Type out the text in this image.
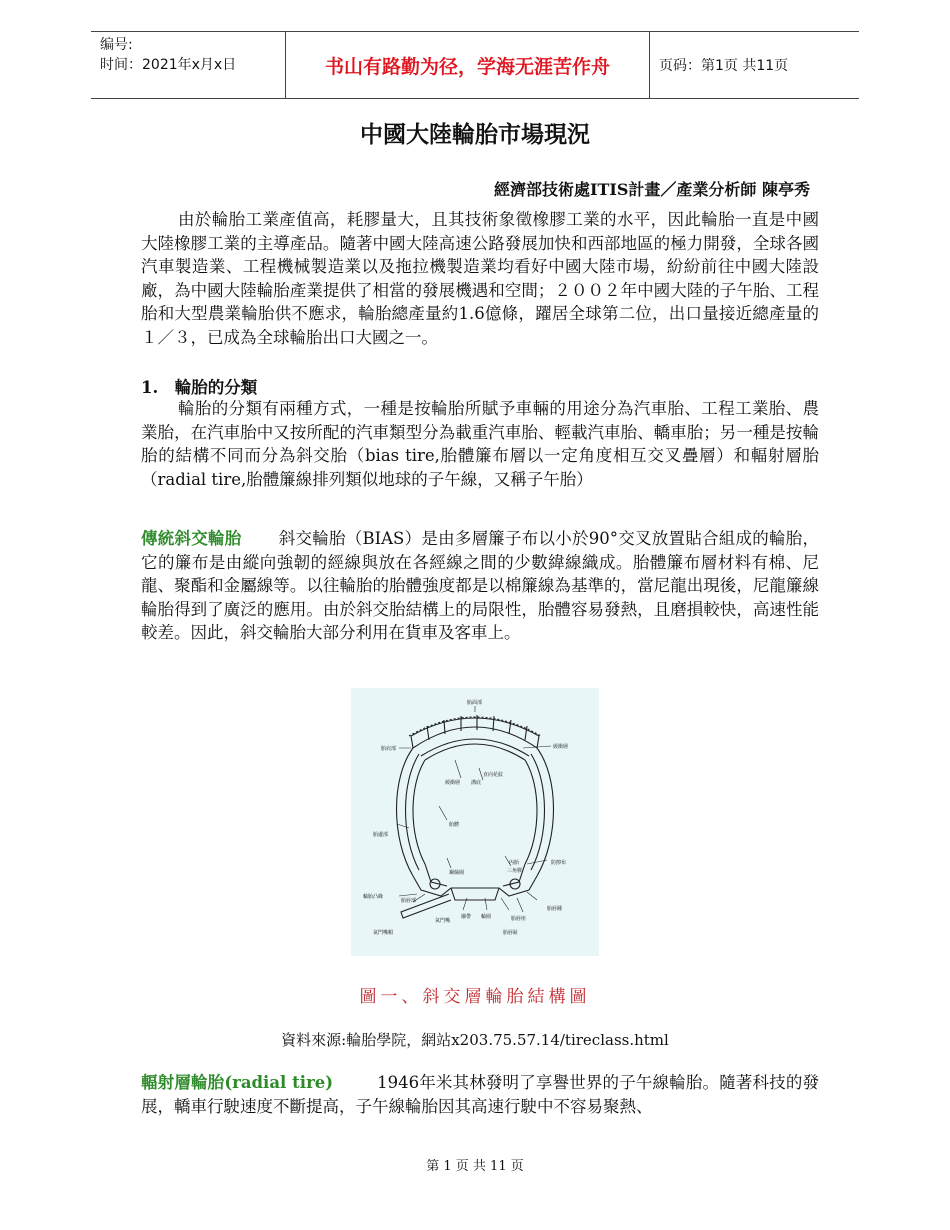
编号:
时间：2021年x月x日	书山有路勤为径，学海无涯苦作舟	页码：第1页 共11页
中國大陸輪胎市場現況
經濟部技術處ITIS計畫／產業分析師 陳亭秀
由於輪胎工業產值高，耗膠量大，且其技術象徵橡膠工業的水平，因此輪胎一直是中國大陸橡膠工業的主導產品。隨著中國大陸高速公路發展加快和西部地區的極力開發，全球各國汽車製造業、工程機械製造業以及拖拉機製造業均看好中國大陸市場，紛紛前往中國大陸設廠，為中國大陸輪胎產業提供了相當的發展機遇和空間；２００２年中國大陸的子午胎、工程胎和大型農業輪胎供不應求，輪胎總產量約1.6億條，躍居全球第二位，出口量接近總產量的１／３，已成為全球輪胎出口大國之一。
1.　輪胎的分類
輪胎的分類有兩種方式，一種是按輪胎所賦予車輛的用途分為汽車胎、工程工業胎、農業胎，在汽車胎中又按所配的汽車類型分為載重汽車胎、輕載汽車胎、轎車胎；另一種是按輪胎的結構不同而分為斜交胎（bias tire,胎體簾布層以一定角度相互交叉疊層）和輻射層胎（radial tire,胎體簾線排列類似地球的子午線，又稱子午胎）
傳統斜交輪胎 斜交輪胎（BIAS）是由多層簾子布以小於90°交叉放置貼合組成的輪胎，它的簾布是由縱向強韌的經線與放在各經線之間的少數緯線織成。胎體簾布層材料有棉、尼龍、聚酯和金屬線等。以往輪胎的胎體強度都是以棉簾線為基準的，當尼龍出現後，尼龍簾線輪胎得到了廣泛的應用。由於斜交胎結構上的局限性，胎體容易發熱，且磨損較快，高速性能較差。因此，斜交輪胎大部分利用在貨車及客車上。
胎面部
胎肩部	緩衝層
緩衝層 溝底
直向花紋
胎體
胎邊部
鋼絲圈
內胎
三角膠
防擦布
輪胎凸緣
胎唇部
胎唇踵
襯帶 輪圈	胎唇座
氣門嘴
氣門嘴帽	胎唇趾
圖一、斜交層輪胎結構圖
資料來源:輪胎學院，網站x203.75.57.14/tireclass.html
輻射層輪胎(radial tire)	1946年米其林發明了享譽世界的子午線輪胎。隨著科技的發展，轎車行駛速度不斷提高，子午線輪胎因其高速行駛中不容易聚熱、
第 1 页 共 11 页
